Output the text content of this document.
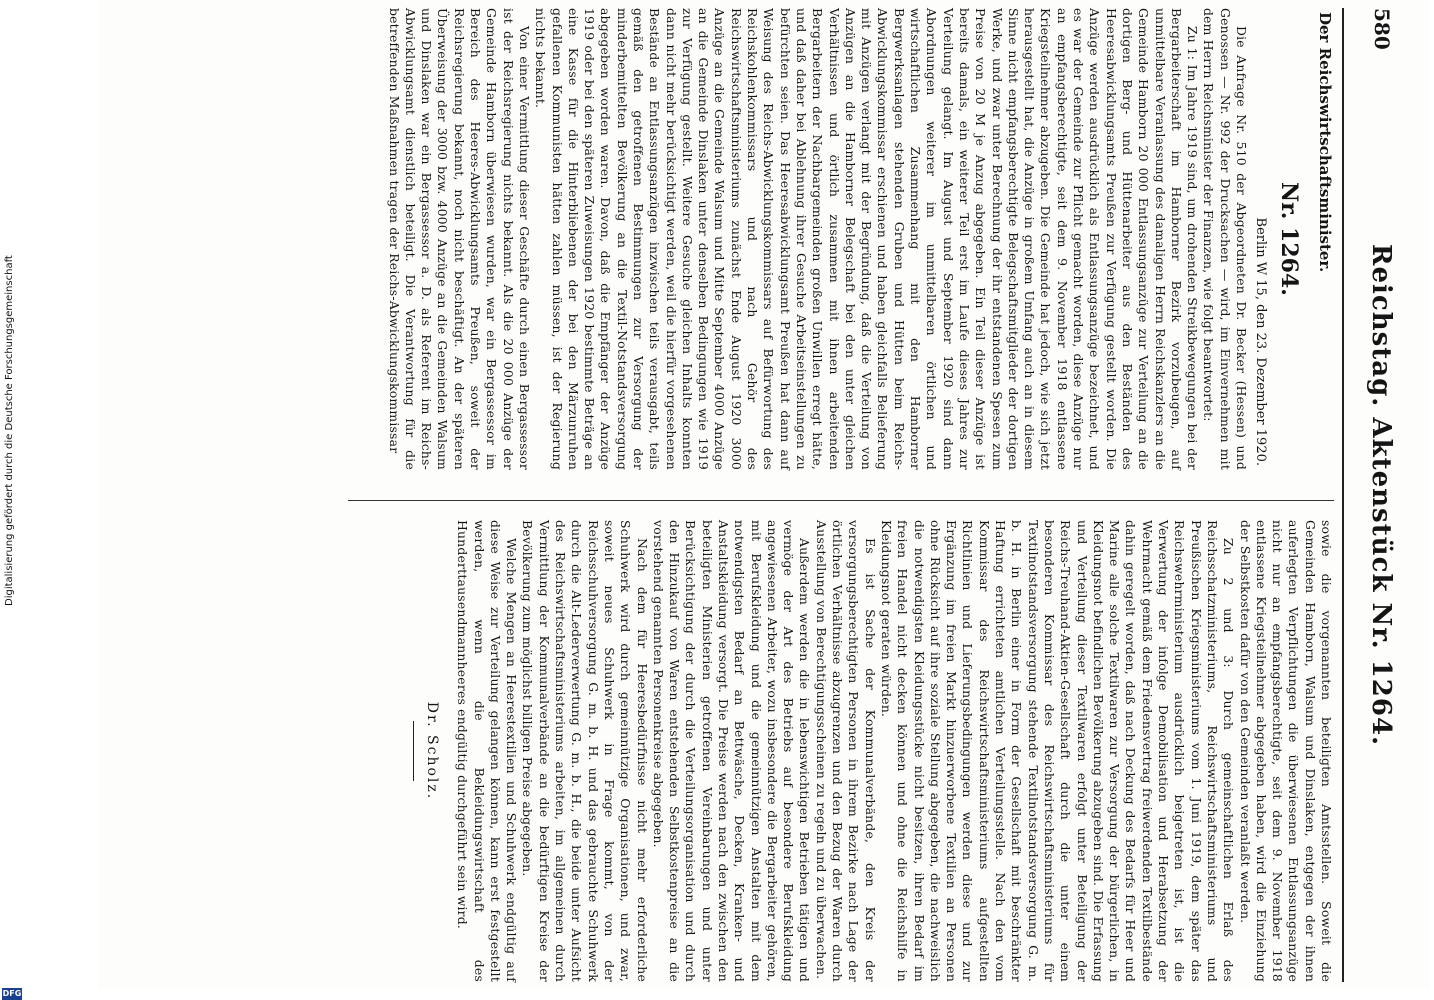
580
Reichstag. Aktenstück Nr. 1264.
Der Reichswirtschaftsminister.
Nr. 1264.
Berlin W 15, den 23. Dezember 1920.

Die Anfrage Nr. 510 der Abgeordneten Dr. Becker (Hessen) und Genossen — Nr. 992 der Drucksachen — wird, im Einvernehmen mit dem Herrn Reichsminister der Finanzen, wie folgt beantwortet:

Zu 1: Im Jahre 1919 sind, um drohenden Streikbewegungen bei der Bergarbeiterschaft im Hamborner Bezirk vorzubeugen, auf unmittelbare Veranlassung des damaligen Herrn Reichskanzlers an die Gemeinde Hamborn 20 000 Entlassungsanzüge zur Verteilung an die dortigen Berg- und Hüttenarbeiter aus den Beständen des Heeresabwicklungsamts Preußen zur Verfügung gestellt worden. Die Anzüge werden ausdrücklich als Entlassungsanzüge bezeichnet, und es war der Gemeinde zur Pflicht gemacht worden, diese Anzüge nur an empfangsberechtigte, seit dem 9. November 1918 entlassene Kriegsteilnehmer abzugeben. Die Gemeinde hat jedoch, wie sich jetzt herausgestellt hat, die Anzüge in großem Umfang auch an in diesem Sinne nicht empfangsberechtigte Belegschaftsmitglieder der dortigen Werke, und zwar unter Berechnung der ihr entstandenen Spesen zum Preise von 20 M je Anzug abgegeben. Ein Teil dieser Anzüge ist bereits damals, ein weiterer Teil erst im Laufe dieses Jahres zur Verteilung gelangt. Im August und September 1920 sind dann Abordnungen weiterer im unmittelbaren örtlichen und wirtschaftlichen Zusammenhang mit den Hamborner Bergwerksanlagen stehenden Gruben und Hütten beim Reichs-Abwicklungskommissar erschienen und haben gleichfalls Belieferung mit Anzügen verlangt mit der Begründung, daß die Verteilung von Anzügen an die Hamborner Belegschaft bei den unter gleichen Verhältnissen und örtlich zusammen mit ihnen arbeitenden Bergarbeitern der Nachbargemeinden großen Unwillen erregt hätte, und daß daher bei Ablehnung ihrer Gesuche Arbeitseinstellungen zu befürchten seien. Das Heeresabwicklungsamt Preußen hat dann auf Weisung des Reichs-Abwicklungskommissars auf Befürwortung des Reichskohlenkommissars und nach Gehör des Reichswirtschaftsministeriums zunächst Ende August 1920 3000 Anzüge an die Gemeinde Walsum und Mitte September 4000 Anzüge an die Gemeinde Dinslaken unter denselben Bedingungen wie 1919 zur Verfügung gestellt. Weitere Gesuche gleichen Inhalts konnten dann nicht mehr berücksichtigt werden, weil die hierfür vorgesehenen Bestände an Entlassungsanzügen inzwischen teils verausgabt, teils gemäß den getroffenen Bestimmungen zur Versorgung der minderbemittelten Bevölkerung an die Textil-Notstandsversorgung abgegeben worden waren. Davon, daß die Empfänger der Anzüge 1919 oder bei den späteren Zuweisungen 1920 bestimmte Beträge an eine Kasse für die Hinterbliebenen der bei den Märzunruhen gefallenen Kommunisten hätten zahlen müssen, ist der Regierung nichts bekannt.

Von einer Vermittlung dieser Geschäfte durch einen Bergassessor ist der Reichsregierung nichts bekannt. Als die 20 000 Anzüge der Gemeinde Hamborn überwiesen wurden, war ein Bergassessor im Bereich des Heeres-Abwicklungsamts Preußen, soweit der Reichsregierung bekannt, noch nicht beschäftigt. An der späteren Überweisung der 3000 bzw. 4000 Anzüge an die Gemeinden Walsum und Dinslaken war ein Bergassessor a. D. als Referent im Reichs-Abwicklungsamt dienstlich beteiligt. Die Verantwortung für die betreffenden Maßnahmen tragen der Reichs-Abwicklungskommissar

sowie die vorgenannten beteiligten Amtsstellen. Soweit die Gemeinden Hamborn, Walsum und Dinslaken, entgegen der ihnen auferlegten Verpflichtungen die überwiesenen Entlassungsanzüge nicht nur an empfangsberechtigte, seit dem 9. November 1918 entlassene Kriegsteilnehmer abgegeben haben, wird die Einziehung der Selbstkosten dafür von den Gemeinden veranlaßt werden.

Zu 2 und 3: Durch gemeinschaftlichen Erlaß des Reichsschatzministeriums, Reichswirtschaftsministeriums und Preußischen Kriegsministeriums vom 1. Juni 1919, dem später das Reichswehrministerium ausdrücklich beigetreten ist, ist die Verwertung der infolge Demobilisation und Herabsetzung der Wehrmacht gemäß dem Friedensvertrag freiwerdenden Textilbestände dahin geregelt worden, daß nach Deckung des Bedarfs für Heer und Marine alle solche Textilwaren zur Versorgung der bürgerlichen, in Kleidungsnot befindlichen Bevölkerung abzugeben sind. Die Erfassung und Verteilung dieser Textilwaren erfolgt unter Beteiligung der Reichs-Treuhand-Aktien-Gesellschaft durch die unter einem besonderen Kommissar des Reichswirtschaftsministeriums für Textilnotstandsversorgung stehende Textilnotstandsversorgung G. m. b. H. in Berlin einer in Form der Gesellschaft mit beschränkter Haftung errichteten amtlichen Verteilungsstelle. Nach den vom Kommissar des Reichswirtschaftsministeriums aufgestellten Richtlinien und Lieferungsbedingungen werden diese und zur Ergänzung im freien Markt hinzuerworbene Textilien an Personen ohne Rücksicht auf ihre soziale Stellung abgegeben, die nachweislich die notwendigsten Kleidungsstücke nicht besitzen, ihren Bedarf im freien Handel nicht decken können und ohne die Reichshilfe in Kleidungsnot geraten würden.

Es ist Sache der Kommunalverbände, den Kreis der versorgungsberechtigten Personen in ihrem Bezirke nach Lage der örtlichen Verhältnisse abzugrenzen und den Bezug der Waren durch Ausstellung von Berechtigungsscheinen zu regeln und zu überwachen.

Außerdem werden die in lebenswichtigen Betrieben tätigen und vermöge der Art des Betriebs auf besondere Berufskleidung angewiesenen Arbeiter, wozu insbesondere die Bergarbeiter gehören, mit Berufskleidung und die gemeinnützigen Anstalten mit dem notwendigsten Bedarf an Bettwäsche, Decken, Kranken- und Anstaltskleidung versorgt. Die Preise werden nach den zwischen den beteiligten Ministerien getroffenen Vereinbarungen und unter Berücksichtigung der durch die Verteilungsorganisation und durch den Hinzukauf von Waren entstehenden Selbstkostenpreise an die vorstehend genannten Personenkreise abgegeben.

Nach dem für Heeresbedürfnisse nicht mehr erforderliche Schuhwerk wird durch gemeinnützige Organisationen, und zwar, soweit neues Schuhwerk in Frage kommt, von der Reichsschuhversorgung G. m. b. H. und das gebrauchte Schuhwerk durch die Alt-Lederverwertung G. m. b. H., die beide unter Aufsicht des Reichswirtschaftsministeriums arbeiten, im allgemeinen durch Vermittlung der Kommunalverbände an die bedürftigen Kreise der Bevölkerung zum möglichst billigen Preise abgegeben.

Welche Mengen an Heerestextilien und Schuhwerk endgültig auf diese Weise zur Verteilung gelangen können, kann erst festgestellt werden, wenn die Bekleidungswirtschaft des Hunderttausendmannheeres endgültig durchgeführt sein wird.

Dr. Scholz.
Digitalisierung gefördert durch die Deutsche Forschungsgemeinschaft
DFG
